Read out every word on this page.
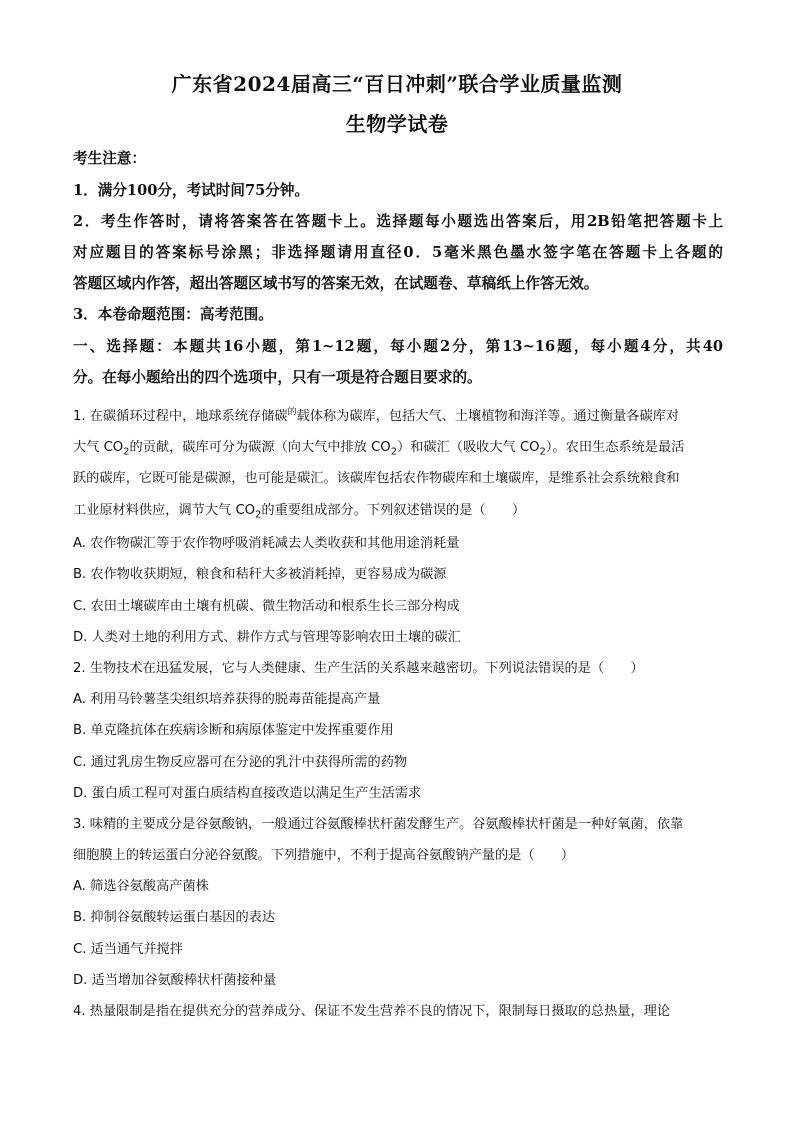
广东省2024届高三“百日冲刺”联合学业质量监测
生物学试卷
考生注意：
1．满分100分，考试时间75分钟。
2．考生作答时，请将答案答在答题卡上。选择题每小题选出答案后，用2B铅笔把答题卡上
对应题目的答案标号涂黑；非选择题请用直径0．5毫米黑色墨水签字笔在答题卡上各题的
答题区域内作答，超出答题区域书写的答案无效，在试题卷、草稿纸上作答无效。
3．本卷命题范围：高考范围。
一、选择题：本题共16小题，第1~12题，每小题2分，第13~16题，每小题4分，共40
分。在每小题给出的四个选项中，只有一项是符合题目要求的。
1. 在碳循环过程中，地球系统存储碳$^的$载体称为碳库，包括大气、土壤植物和海洋等。通过衡量各碳库对
大气 $CO_2$的贡献，碳库可分为碳源（向大气中排放 $CO_2$）和碳汇（吸收大气 $CO_2$）。农田生态系统是最活
跃的碳库，它既可能是碳源，也可能是碳汇。该碳库包括农作物碳库和土壤碳库，是维系社会系统粮食和
工业原材料供应，调节大气 $CO_2$的重要组成部分。下列叙述错误的是（　　）
A. 农作物碳汇等于农作物呼吸消耗减去人类收获和其他用途消耗量
B. 农作物收获期短，粮食和秸秆大多被消耗掉，更容易成为碳源
C. 农田土壤碳库由土壤有机碳、微生物活动和根系生长三部分构成
D. 人类对土地的利用方式、耕作方式与管理等影响农田土壤的碳汇
2. 生物技术在迅猛发展，它与人类健康、生产生活的关系越来越密切。下列说法错误的是（　　）
A. 利用马铃薯茎尖组织培养获得的脱毒苗能提高产量
B. 单克隆抗体在疾病诊断和病原体鉴定中发挥重要作用
C. 通过乳房生物反应器可在分泌的乳汁中获得所需的药物
D. 蛋白质工程可对蛋白质结构直接改造以满足生产生活需求
3. 味精的主要成分是谷氨酸钠，一般通过谷氨酸棒状杆菌发酵生产。谷氨酸棒状杆菌是一种好氧菌，依靠
细胞膜上的转运蛋白分泌谷氨酸。下列措施中，不利于提高谷氨酸钠产量的是（　　）
A. 筛选谷氨酸高产菌株
B. 抑制谷氨酸转运蛋白基因的表达
C. 适当通气并搅拌
D. 适当增加谷氨酸棒状杆菌接种量
4. 热量限制是指在提供充分的营养成分、保证不发生营养不良的情况下，限制每日摄取的总热量，理论
